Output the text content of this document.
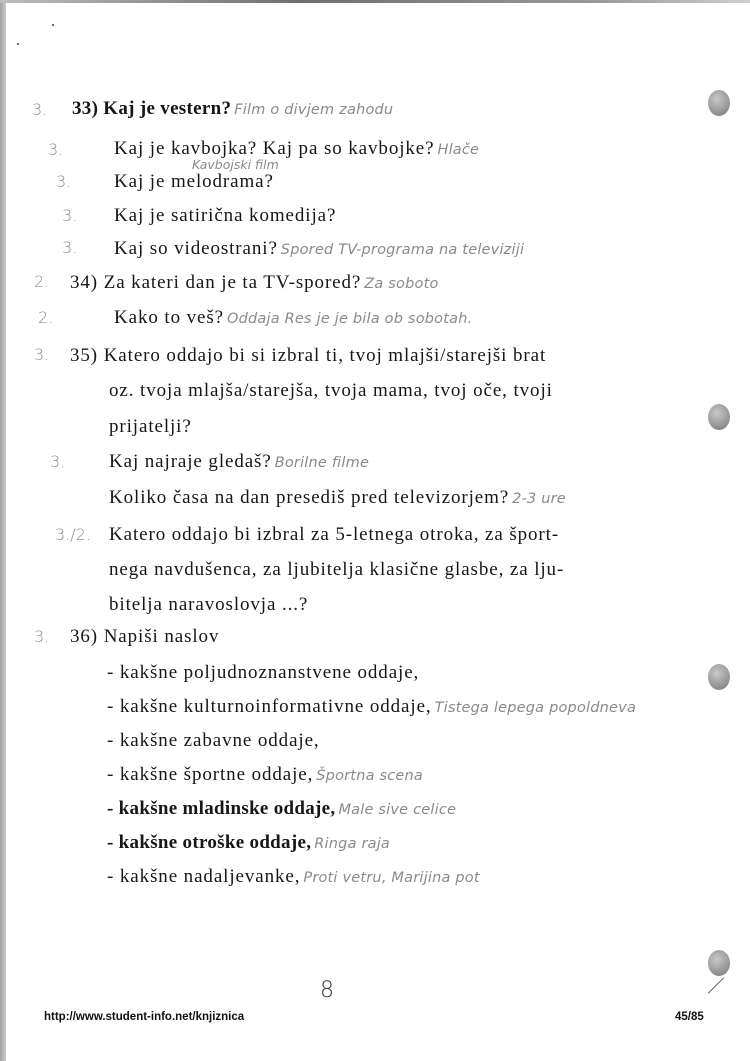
3. 33) Kaj je vestern? Film o divjem zahodu
3.	Kaj je kavbojka? Kaj pa so kavbojke? Hlače
Kavbojski film
3. Kaj je melodrama?
3. Kaj je satirična komedija?
3. Kaj so videostrani? Spored TV-programa na televiziji
2. 34) Za kateri dan je ta TV-spored? Za soboto
2.	Kako to veš? Oddaja Res je je bila ob sobotah.
3. 35) Katero oddajo bi si izbral ti, tvoj mlajši/starejši brat
oz. tvoja mlajša/starejša, tvoja mama, tvoj oče, tvoji
prijatelji?
3. Kaj najraje gledaš? Borilne filme
Koliko časa na dan presediš pred televizorjem? 2-3 ure
3./2. Katero oddajo bi izbral za 5-letnega otroka, za šport-
nega navdušenca, za ljubitelja klasične glasbe, za lju-
bitelja naravoslovja ...?
3. 36) Napiši naslov
- kakšne poljudnoznanstvene oddaje,
- kakšne kulturnoinformativne oddaje, Tistega lepega popoldneva
- kakšne zabavne oddaje,
- kakšne športne oddaje, Športna scena
- kakšne mladinske oddaje, Male sive celice
- kakšne otroške oddaje, Ringa raja
- kakšne nadaljevanke, Proti vetru, Marijina pot
8
http://www.student-info.net/knjiznica	45/85
